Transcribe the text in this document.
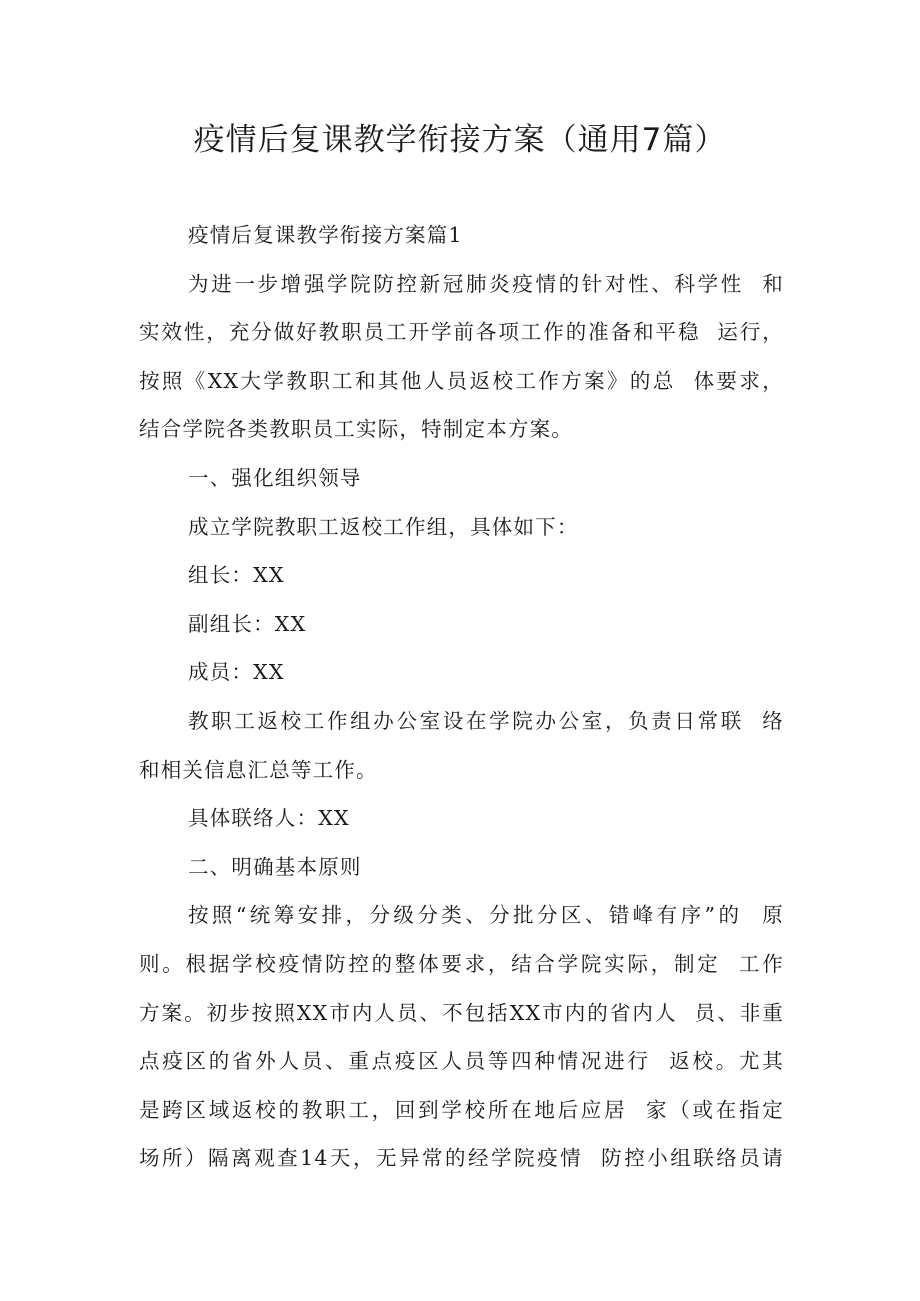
疫情后复课教学衔接方案（通用7篇）
疫情后复课教学衔接方案篇1
为进一步增强学院防控新冠肺炎疫情的针对性、科学性  和
实效性，充分做好教职员工开学前各项工作的准备和平稳  运行，
按照《XX大学教职工和其他人员返校工作方案》的总  体要求，
结合学院各类教职员工实际，特制定本方案。
一、强化组织领导
成立学院教职工返校工作组，具体如下：
组长：XX
副组长：XX
成员：XX
教职工返校工作组办公室设在学院办公室，负责日常联  络
和相关信息汇总等工作。
具体联络人：XX
二、明确基本原则
按照“统筹安排，分级分类、分批分区、错峰有序”的  原
则。根据学校疫情防控的整体要求，结合学院实际，制定  工作
方案。初步按照XX市内人员、不包括XX市内的省内人  员、非重
点疫区的省外人员、重点疫区人员等四种情况进行  返校。尤其
是跨区域返校的教职工，回到学校所在地后应居  家（或在指定
场所）隔离观查14天，无异常的经学院疫情  防控小组联络员请
